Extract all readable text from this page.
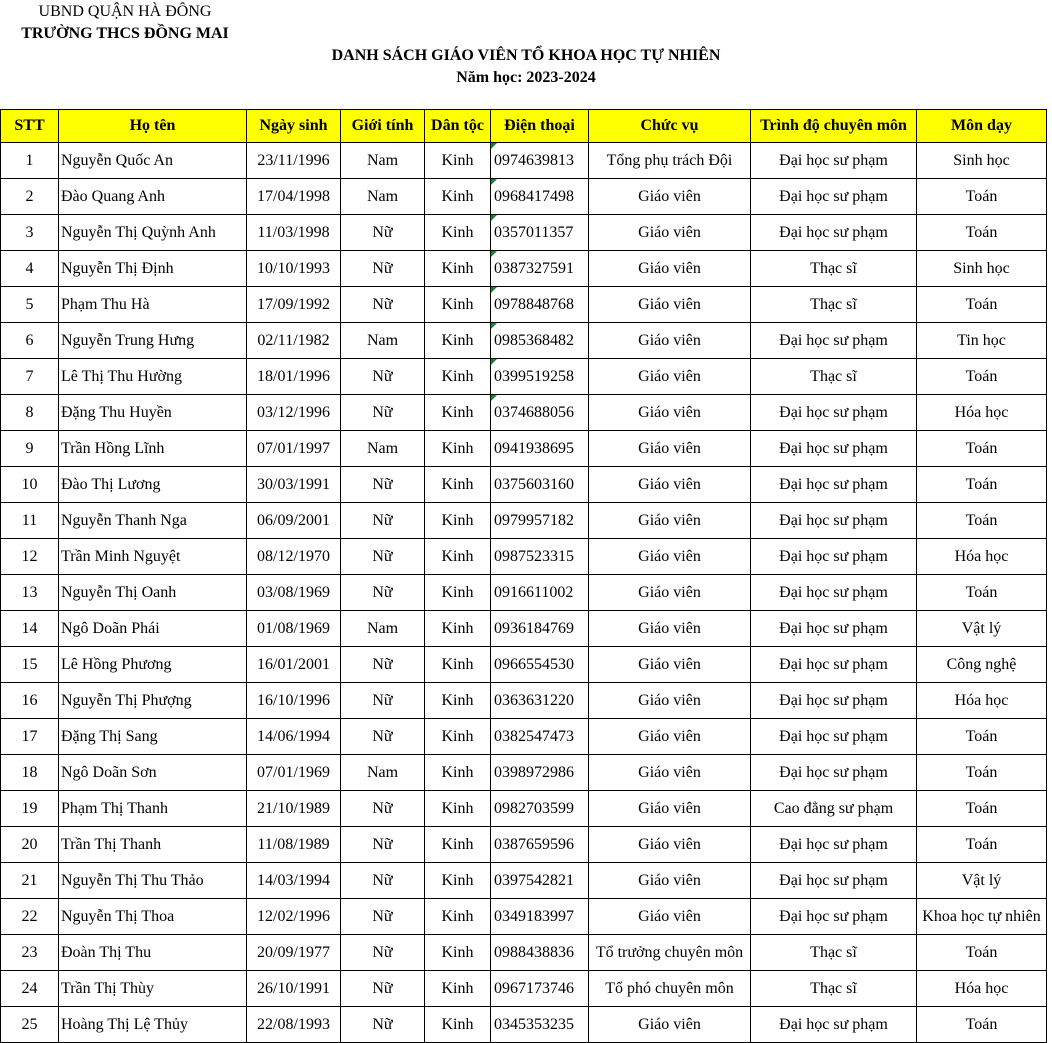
UBND QUẬN HÀ ĐÔNG
TRƯỜNG THCS ĐỒNG MAI
DANH SÁCH GIÁO VIÊN TỔ KHOA HỌC TỰ NHIÊN
Năm học: 2023-2024
STT	Họ tên	Ngày sinh	Giới tính	Dân tộc	Điện thoại	Chức vụ	Trình độ chuyên môn	Môn dạy
1	Nguyễn Quốc An	23/11/1996	Nam	Kinh	0974639813	Tổng phụ trách Đội	Đại học sư phạm	Sinh học
2	Đào Quang Anh	17/04/1998	Nam	Kinh	0968417498	Giáo viên	Đại học sư phạm	Toán
3	Nguyễn Thị Quỳnh Anh	11/03/1998	Nữ	Kinh	0357011357	Giáo viên	Đại học sư phạm	Toán
4	Nguyễn Thị Định	10/10/1993	Nữ	Kinh	0387327591	Giáo viên	Thạc sĩ	Sinh học
5	Phạm Thu Hà	17/09/1992	Nữ	Kinh	0978848768	Giáo viên	Thạc sĩ	Toán
6	Nguyễn Trung Hưng	02/11/1982	Nam	Kinh	0985368482	Giáo viên	Đại học sư phạm	Tin học
7	Lê Thị Thu Hường	18/01/1996	Nữ	Kinh	0399519258	Giáo viên	Thạc sĩ	Toán
8	Đặng Thu Huyền	03/12/1996	Nữ	Kinh	0374688056	Giáo viên	Đại học sư phạm	Hóa học
9	Trần Hồng Lĩnh	07/01/1997	Nam	Kinh	0941938695	Giáo viên	Đại học sư phạm	Toán
10	Đào Thị Lương	30/03/1991	Nữ	Kinh	0375603160	Giáo viên	Đại học sư phạm	Toán
11	Nguyễn Thanh Nga	06/09/2001	Nữ	Kinh	0979957182	Giáo viên	Đại học sư phạm	Toán
12	Trần Minh Nguyệt	08/12/1970	Nữ	Kinh	0987523315	Giáo viên	Đại học sư phạm	Hóa học
13	Nguyễn Thị Oanh	03/08/1969	Nữ	Kinh	0916611002	Giáo viên	Đại học sư phạm	Toán
14	Ngô Doãn Phái	01/08/1969	Nam	Kinh	0936184769	Giáo viên	Đại học sư phạm	Vật lý
15	Lê Hồng Phương	16/01/2001	Nữ	Kinh	0966554530	Giáo viên	Đại học sư phạm	Công nghệ
16	Nguyễn Thị Phượng	16/10/1996	Nữ	Kinh	0363631220	Giáo viên	Đại học sư phạm	Hóa học
17	Đặng Thị Sang	14/06/1994	Nữ	Kinh	0382547473	Giáo viên	Đại học sư phạm	Toán
18	Ngô Doãn Sơn	07/01/1969	Nam	Kinh	0398972986	Giáo viên	Đại học sư phạm	Toán
19	Phạm Thị Thanh	21/10/1989	Nữ	Kinh	0982703599	Giáo viên	Cao đẳng sư phạm	Toán
20	Trần Thị Thanh	11/08/1989	Nữ	Kinh	0387659596	Giáo viên	Đại học sư phạm	Toán
21	Nguyễn Thị Thu Thảo	14/03/1994	Nữ	Kinh	0397542821	Giáo viên	Đại học sư phạm	Vật lý
22	Nguyễn Thị Thoa	12/02/1996	Nữ	Kinh	0349183997	Giáo viên	Đại học sư phạm	Khoa học tự nhiên
23	Đoàn Thị Thu	20/09/1977	Nữ	Kinh	0988438836	Tổ trưởng chuyên môn	Thạc sĩ	Toán
24	Trần Thị Thùy	26/10/1991	Nữ	Kinh	0967173746	Tổ phó chuyên môn	Thạc sĩ	Hóa học
25	Hoàng Thị Lệ Thủy	22/08/1993	Nữ	Kinh	0345353235	Giáo viên	Đại học sư phạm	Toán
